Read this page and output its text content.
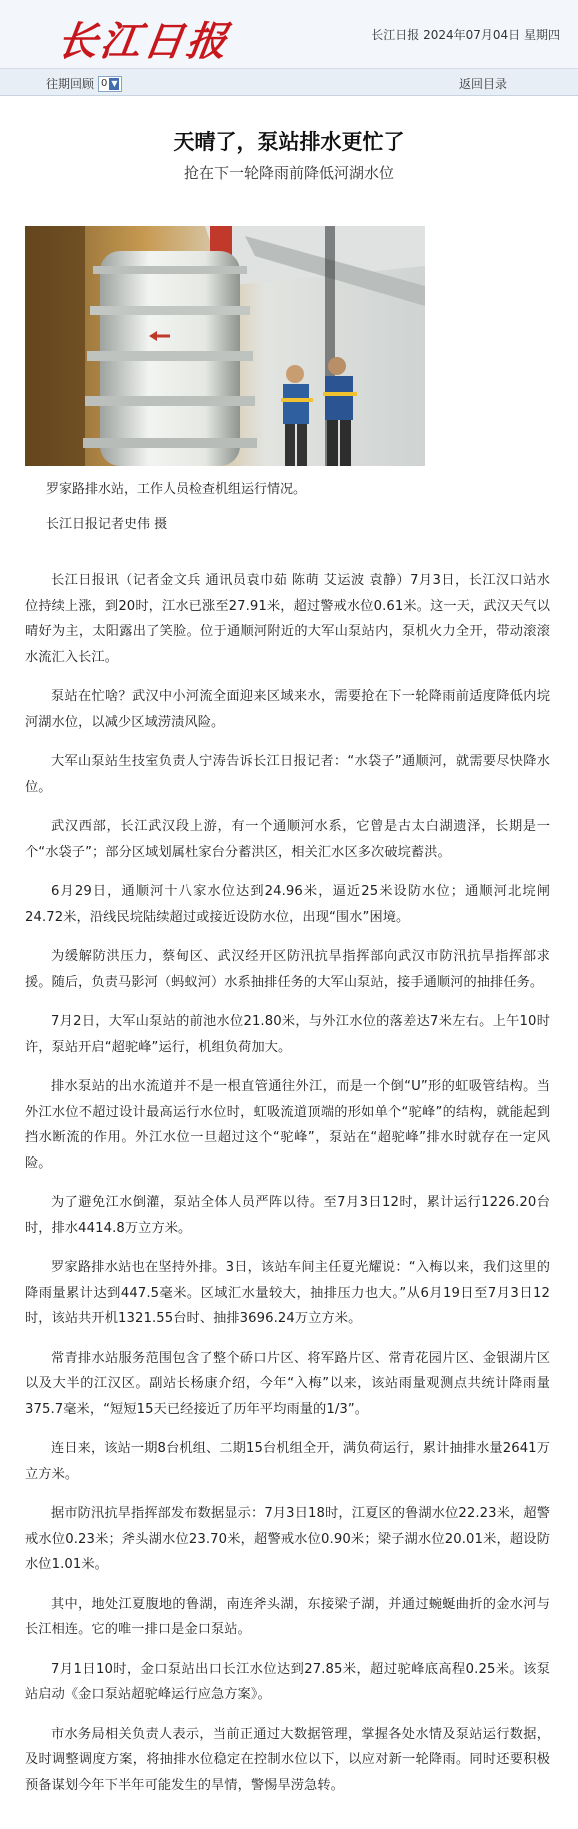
长江日报	长江日报 2024年07月04日 星期四
往期回顾 0 ▼	返回目录
天晴了，泵站排水更忙了
抢在下一轮降雨前降低河湖水位
罗家路排水站，工作人员检查机组运行情况。
长江日报记者史伟 摄

长江日报讯（记者金文兵 通讯员袁巾茹 陈萌 艾运波 袁静）7月3日，长江汉口站水位持续上涨，到20时，江水已涨至27.91米，超过警戒水位0.61米。这一天，武汉天气以晴好为主，太阳露出了笑脸。位于通顺河附近的大军山泵站内，泵机火力全开，带动滚滚水流汇入长江。

泵站在忙啥？武汉中小河流全面迎来区域来水，需要抢在下一轮降雨前适度降低内垸河湖水位，以减少区域涝渍风险。

大军山泵站生技室负责人宁涛告诉长江日报记者：“水袋子”通顺河，就需要尽快降水位。

武汉西部，长江武汉段上游，有一个通顺河水系，它曾是古太白湖遗泽，长期是一个“水袋子”；部分区域划属杜家台分蓄洪区，相关汇水区多次破垸蓄洪。

6月29日，通顺河十八家水位达到24.96米，逼近25米设防水位；通顺河北垸闸24.72米，沿线民垸陆续超过或接近设防水位，出现“围水”困境。

为缓解防洪压力，蔡甸区、武汉经开区防汛抗旱指挥部向武汉市防汛抗旱指挥部求援。随后，负责马影河（蚂蚁河）水系抽排任务的大军山泵站，接手通顺河的抽排任务。

7月2日，大军山泵站的前池水位21.80米，与外江水位的落差达7米左右。上午10时许，泵站开启“超驼峰”运行，机组负荷加大。

排水泵站的出水流道并不是一根直管通往外江，而是一个倒“U”形的虹吸管结构。当外江水位不超过设计最高运行水位时，虹吸流道顶端的形如单个“驼峰”的结构，就能起到挡水断流的作用。外江水位一旦超过这个“驼峰”，泵站在“超驼峰”排水时就存在一定风险。

为了避免江水倒灌，泵站全体人员严阵以待。至7月3日12时，累计运行1226.20台时，排水4414.8万立方米。

罗家路排水站也在坚持外排。3日，该站车间主任夏光耀说：“入梅以来，我们这里的降雨量累计达到447.5毫米。区域汇水量较大，抽排压力也大。”从6月19日至7月3日12时，该站共开机1321.55台时、抽排3696.24万立方米。

常青排水站服务范围包含了整个硚口片区、将军路片区、常青花园片区、金银湖片区以及大半的江汉区。副站长杨康介绍，今年“入梅”以来，该站雨量观测点共统计降雨量375.7毫米，“短短15天已经接近了历年平均雨量的1/3”。

连日来，该站一期8台机组、二期15台机组全开，满负荷运行，累计抽排水量2641万立方米。

据市防汛抗旱指挥部发布数据显示：7月3日18时，江夏区的鲁湖水位22.23米，超警戒水位0.23米；斧头湖水位23.70米，超警戒水位0.90米；梁子湖水位20.01米，超设防水位1.01米。

其中，地处江夏腹地的鲁湖，南连斧头湖，东接梁子湖，并通过蜿蜒曲折的金水河与长江相连。它的唯一排口是金口泵站。

7月1日10时，金口泵站出口长江水位达到27.85米，超过驼峰底高程0.25米。该泵站启动《金口泵站超驼峰运行应急方案》。

市水务局相关负责人表示，当前正通过大数据管理，掌握各处水情及泵站运行数据，及时调整调度方案，将抽排水位稳定在控制水位以下，以应对新一轮降雨。同时还要积极预备谋划今年下半年可能发生的旱情，警惕旱涝急转。
